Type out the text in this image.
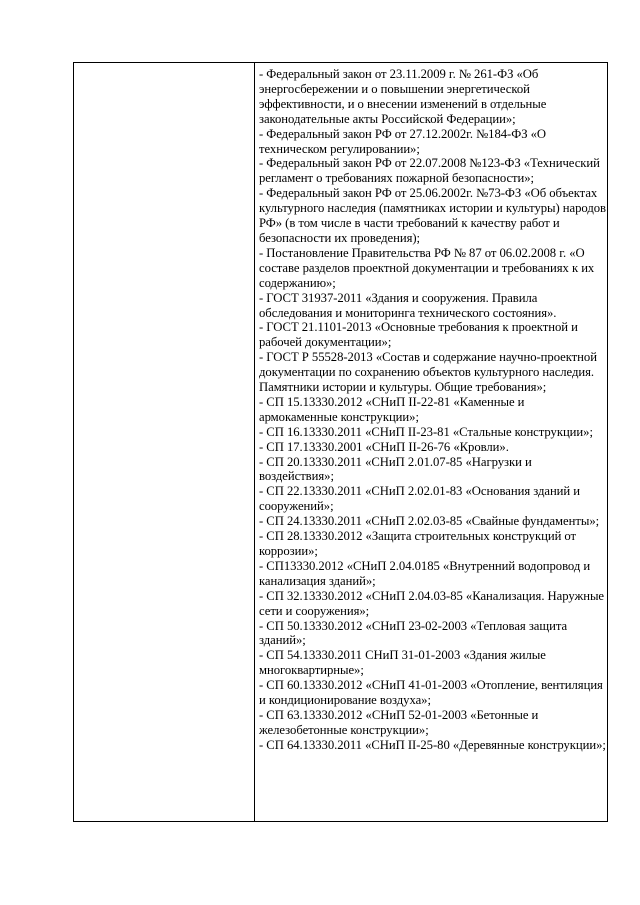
- Федеральный закон от 23.11.2009 г. № 261-ФЗ «Об энергосбережении и о повышении энергетической эффективности, и о внесении изменений в отдельные законодательные акты Российской Федерации»;

- Федеральный закон РФ от 27.12.2002г. №184-ФЗ «О техническом регулировании»;

- Федеральный закон РФ от 22.07.2008 №123-ФЗ «Технический регламент о требованиях пожарной безопасности»;

- Федеральный закон РФ от 25.06.2002г. №73-ФЗ «Об объектах культурного наследия (памятниках истории и культуры) народов РФ» (в том числе в части требований к качеству работ и безопасности их проведения);

- Постановление Правительства РФ № 87 от 06.02.2008 г. «О составе разделов проектной документации и требованиях к их содержанию»;

- ГОСТ 31937-2011 «Здания и сооружения. Правила обследования и мониторинга технического состояния».

- ГОСТ 21.1101-2013 «Основные требования к проектной и рабочей документации»;

- ГОСТ Р 55528-2013 «Состав и содержание научно-проектной документации по сохранению объектов культурного наследия. Памятники истории и культуры. Общие требования»;

- СП 15.13330.2012 «СНиП II-22-81 «Каменные и армокаменные конструкции»;

- СП 16.13330.2011 «СНиП II-23-81 «Стальные конструкции»;

- СП 17.13330.2001 «СНиП II-26-76 «Кровли».

- СП 20.13330.2011 «СНиП 2.01.07-85 «Нагрузки и воздействия»;

- СП 22.13330.2011 «СНиП 2.02.01-83 «Основания зданий и сооружений»;

- СП 24.13330.2011 «СНиП 2.02.03-85 «Свайные фундаменты»;

- СП 28.13330.2012 «Защита строительных конструкций от коррозии»;

- СП13330.2012 «СНиП 2.04.0185 «Внутренний водопровод и канализация зданий»;

- СП 32.13330.2012 «СНиП 2.04.03-85 «Канализация. Наружные сети и сооружения»;

- СП 50.13330.2012 «СНиП 23-02-2003 «Тепловая защита зданий»;

- СП 54.13330.2011 СНиП 31-01-2003 «Здания жилые многоквартирные»;

- СП 60.13330.2012 «СНиП 41-01-2003 «Отопление, вентиляция и кондиционирование воздуха»;

- СП 63.13330.2012 «СНиП 52-01-2003 «Бетонные и железобетонные конструкции»;

- СП 64.13330.2011 «СНиП II-25-80 «Деревянные конструкции»;
